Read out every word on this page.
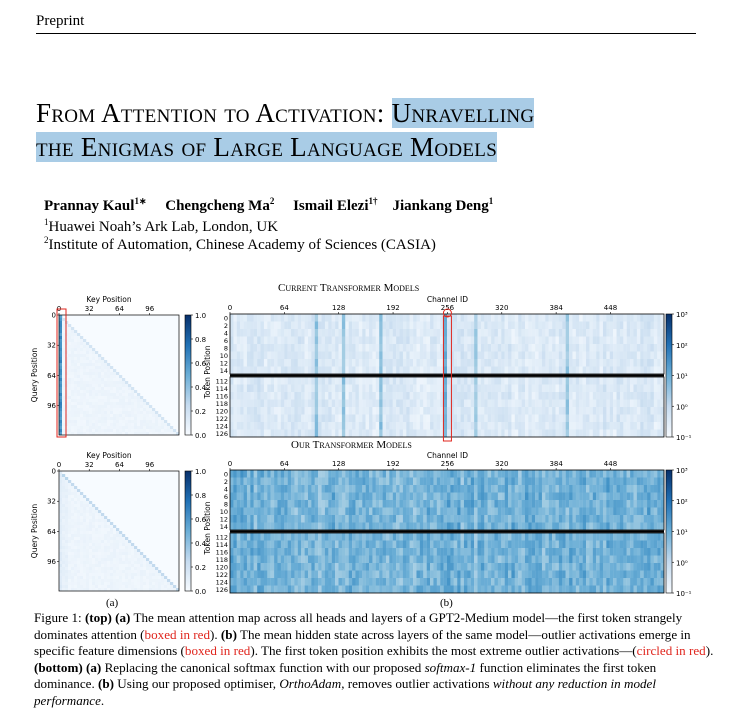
Preprint
From Attention to Activation: Unravelling
the Enigmas of Large Language Models
Prannay Kaul$^{1∗}$ Chengcheng Ma$^2$ Ismail Elezi$^{1\dagger}$ Jiankang Deng$^1$
$^1$Huawei Noah’s Ark Lab, London, UK
$^2$Institute of Automation, Chinese Academy of Sciences (CASIA)
Current Transformer Models
Our Transformer Models
0	32	64	96
0
32
64
96
Key Position
Query Position
1.0
0.8
0.6
0.4
0.2
0.0
0	64	128	192	256	320	384	448
Channel ID
0
2
4
6
8
10
12
14
112
114
116
118
120
122
124
126
Token Position
10³
10²
10¹
10⁰
10⁻¹
0	32	64	96
0
32
64
96
Key Position
Query Position
1.0
0.8
0.6
0.4
0.2
0.0
0	64	128	192	256	320	384	448
Channel ID
0
2
4
6
8
10
12
14
112
114
116
118
120
122
124
126
Token Position
10³
10²
10¹
10⁰
10⁻¹
(a)	(b)
Figure 1: (top) (a) The mean attention map across all heads and layers of a GPT2-Medium model—the first token strangely dominates attention (boxed in red). (b) The mean hidden state across layers of the same model—outlier activations emerge in specific feature dimensions (boxed in red). The first token position exhibits the most extreme outlier activations—(circled in red). (bottom) (a) Replacing the canonical softmax function with our proposed softmax-1 function eliminates the first token dominance. (b) Using our proposed optimiser, OrthoAdam, removes outlier activations without any reduction in model performance.
